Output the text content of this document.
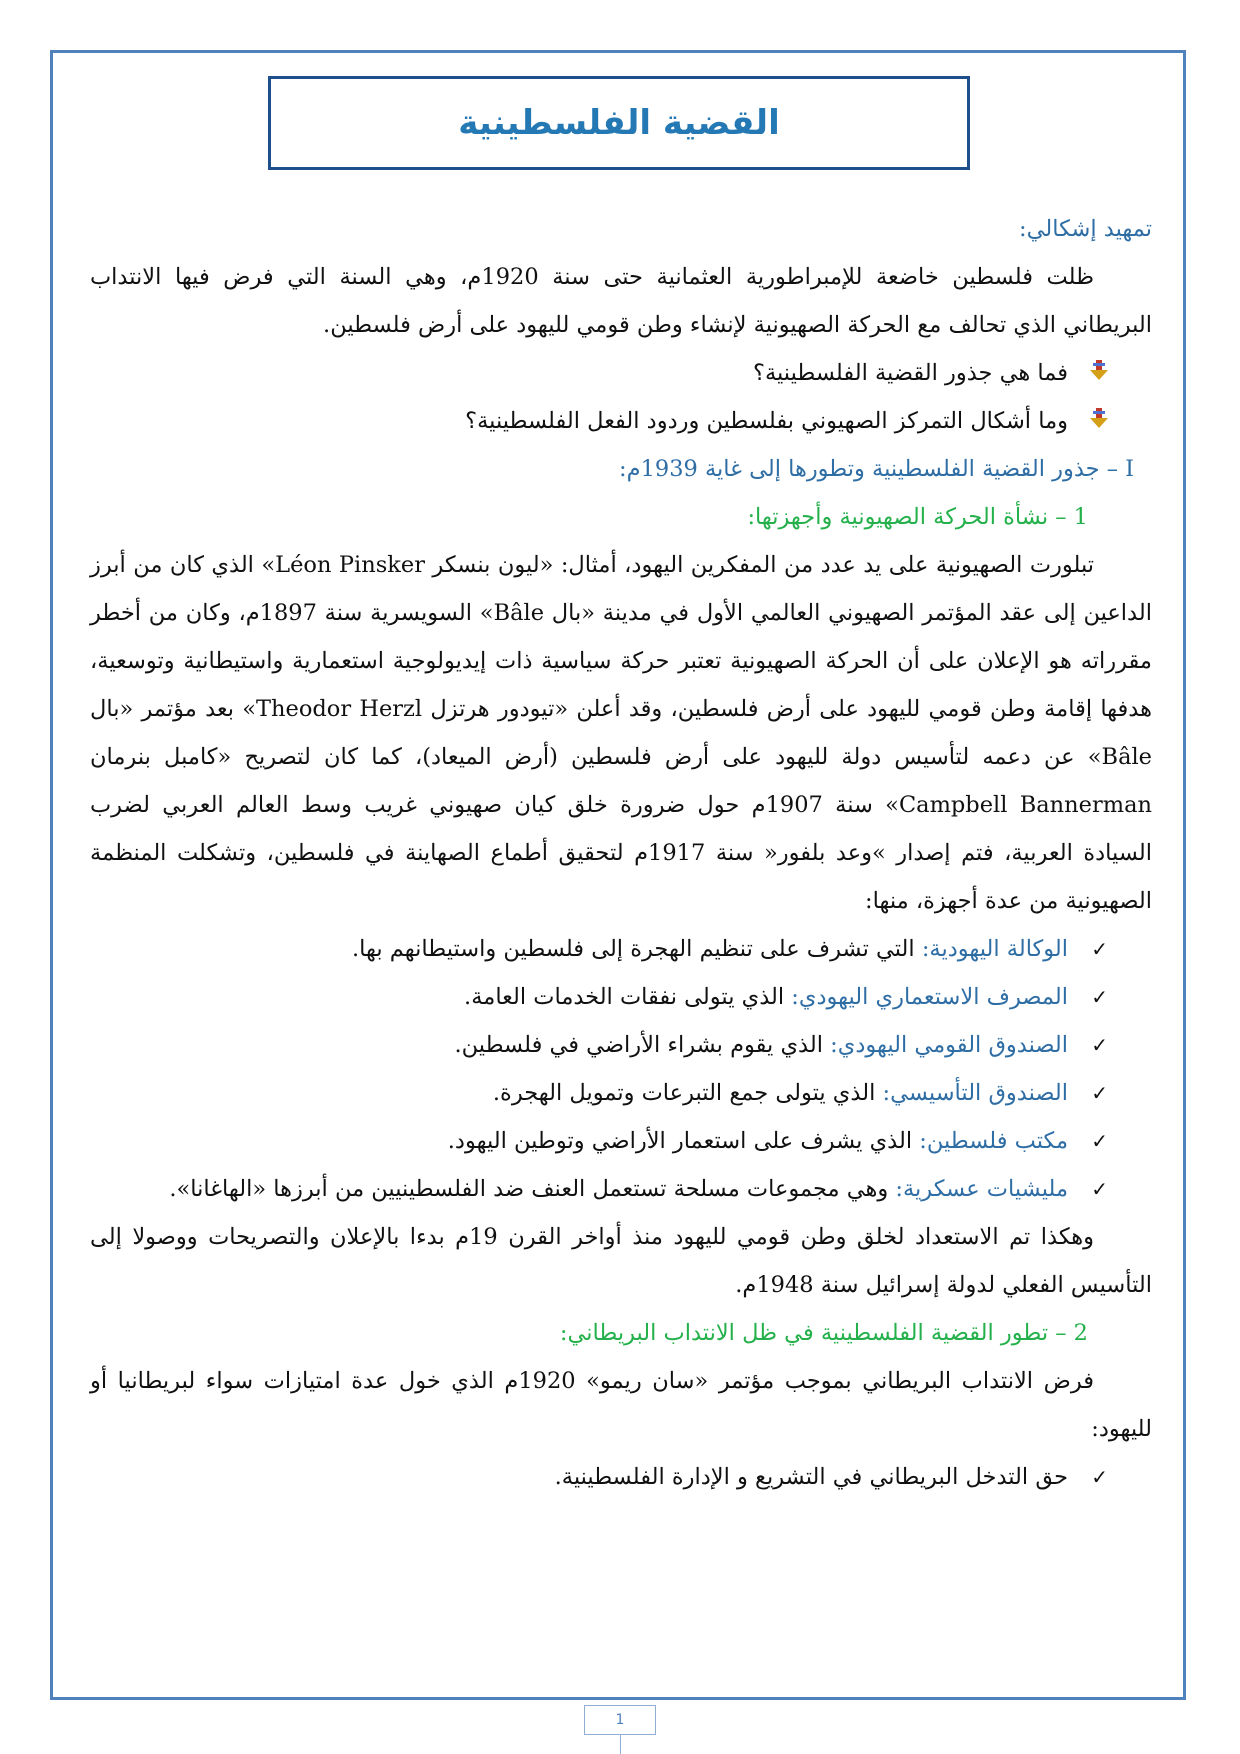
القضية الفلسطينية

تمهيد إشكالي:

ظلت فلسطين خاضعة للإمبراطورية العثمانية حتى سنة 1920م، وهي السنة التي فرض فيها الانتداب البريطاني الذي تحالف مع الحركة الصهيونية لإنشاء وطن قومي لليهود على أرض فلسطين.

فما هي جذور القضية الفلسطينية؟

وما أشكال التمركز الصهيوني بفلسطين وردود الفعل الفلسطينية؟

I – جذور القضية الفلسطينية وتطورها إلى غاية 1939م:

1 – نشأة الحركة الصهيونية وأجهزتها:

تبلورت الصهيونية على يد عدد من المفكرين اليهود، أمثال: «ليون بنسكر Léon Pinsker» الذي كان من أبرز الداعين إلى عقد المؤتمر الصهيوني العالمي الأول في مدينة «بال Bâle» السويسرية سنة 1897م، وكان من أخطر مقرراته هو الإعلان على أن الحركة الصهيونية تعتبر حركة سياسية ذات إيديولوجية استعمارية واستيطانية وتوسعية، هدفها إقامة وطن قومي لليهود على أرض فلسطين، وقد أعلن «تيودور هرتزل Theodor Herzl» بعد مؤتمر «بال Bâle» عن دعمه لتأسيس دولة لليهود على أرض فلسطين (أرض الميعاد)، كما كان لتصريح «كامبل بنرمان Campbell Bannerman» سنة 1907م حول ضرورة خلق كيان صهيوني غريب وسط العالم العربي لضرب السيادة العربية، فتم إصدار »وعد بلفور« سنة 1917م لتحقيق أطماع الصهاينة في فلسطين، وتشكلت المنظمة الصهيونية من عدة أجهزة، منها:

✓
الوكالة اليهودية: التي تشرف على تنظيم الهجرة إلى فلسطين واستيطانهم بها.

✓
المصرف الاستعماري اليهودي: الذي يتولى نفقات الخدمات العامة.

✓
الصندوق القومي اليهودي: الذي يقوم بشراء الأراضي في فلسطين.

✓
الصندوق التأسيسي: الذي يتولى جمع التبرعات وتمويل الهجرة.

✓
مكتب فلسطين: الذي يشرف على استعمار الأراضي وتوطين اليهود.

✓
مليشيات عسكرية: وهي مجموعات مسلحة تستعمل العنف ضد الفلسطينيين من أبرزها «الهاغانا».

وهكذا تم الاستعداد لخلق وطن قومي لليهود منذ أواخر القرن 19م بدءا بالإعلان والتصريحات ووصولا إلى التأسيس الفعلي لدولة إسرائيل سنة 1948م.

2 – تطور القضية الفلسطينية في ظل الانتداب البريطاني:

فرض الانتداب البريطاني بموجب مؤتمر «سان ريمو» 1920م الذي خول عدة امتيازات سواء لبريطانيا أو لليهود:

✓
حق التدخل البريطاني في التشريع و الإدارة الفلسطينية.

1
